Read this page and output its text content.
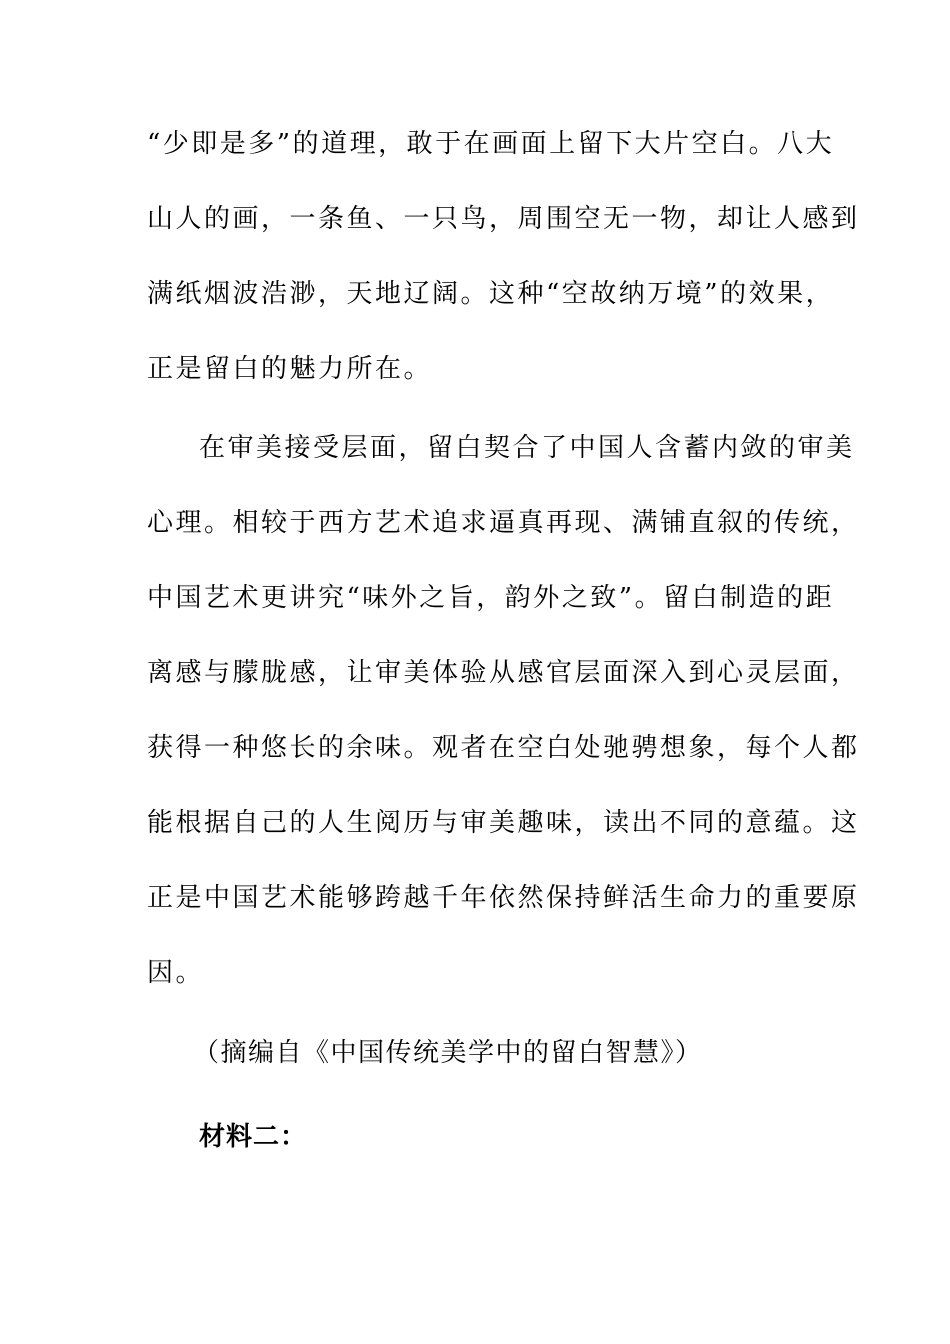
“少即是多”的道理，敢于在画面上留下大片空白。八大
山人的画，一条鱼、一只鸟，周围空无一物，却让人感到
满纸烟波浩渺，天地辽阔。这种“空故纳万境”的效果，
正是留白的魅力所在。
在审美接受层面，留白契合了中国人含蓄内敛的审美
心理。相较于西方艺术追求逼真再现、满铺直叙的传统，
中国艺术更讲究“味外之旨，韵外之致”。留白制造的距
离感与朦胧感，让审美体验从感官层面深入到心灵层面，
获得一种悠长的余味。观者在空白处驰骋想象，每个人都
能根据自己的人生阅历与审美趣味，读出不同的意蕴。这
正是中国艺术能够跨越千年依然保持鲜活生命力的重要原
因。
（摘编自《中国传统美学中的留白智慧》）
材料二：
